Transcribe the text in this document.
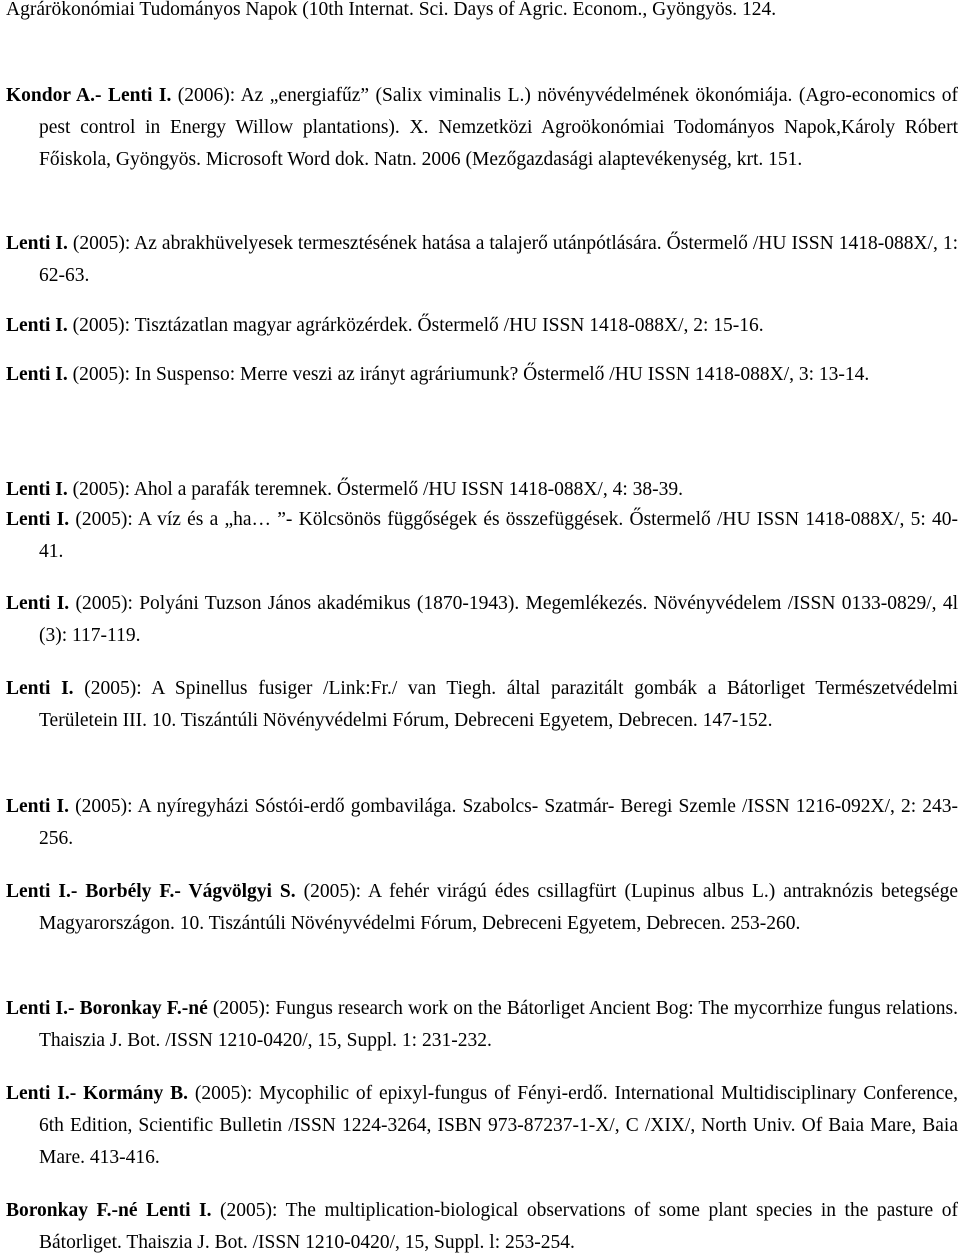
Agrárökonómiai Tudományos Napok (10th Internat. Sci. Days of Agric. Econom., Gyöngyös. 124.

Kondor A.- Lenti I. (2006): Az „energiafűz” (Salix viminalis L.) növényvédelmének ökonómiája. (Agro-economics of pest control in Energy Willow plantations). X. Nemzetközi Agroökonómiai Todományos Napok,Károly Róbert Főiskola, Gyöngyös. Microsoft Word dok. Natn. 2006 (Mezőgazdasági alaptevékenység, krt. 151.

Lenti I. (2005): Az abrakhüvelyesek termesztésének hatása a talajerő utánpótlására. Őstermelő /HU ISSN 1418-088X/, 1: 62-63.

Lenti I. (2005): Tisztázatlan magyar agrárközérdek. Őstermelő /HU ISSN 1418-088X/, 2: 15-16.

Lenti I. (2005): In Suspenso: Merre veszi az irányt agráriumunk? Őstermelő /HU ISSN 1418-088X/, 3: 13-14.

Lenti I. (2005): Ahol a parafák teremnek. Őstermelő /HU ISSN 1418-088X/, 4: 38-39.

Lenti I. (2005): A víz és a „ha… ”- Kölcsönös függőségek és összefüggések. Őstermelő /HU ISSN 1418-088X/, 5: 40-41.

Lenti I. (2005): Polyáni Tuzson János akadémikus (1870-1943). Megemlékezés. Növényvédelem /ISSN 0133-0829/, 4l (3): 117-119.

Lenti I. (2005): A Spinellus fusiger /Link:Fr./ van Tiegh. által parazitált gombák a Bátorliget Természetvédelmi Területein III. 10. Tiszántúli Növényvédelmi Fórum, Debreceni Egyetem, Debrecen. 147-152.

Lenti I. (2005): A nyíregyházi Sóstói-erdő gombavilága. Szabolcs- Szatmár- Beregi Szemle /ISSN 1216-092X/, 2: 243-256.

Lenti I.- Borbély F.- Vágvölgyi S. (2005): A fehér virágú édes csillagfürt (Lupinus albus L.) antraknózis betegsége Magyarországon. 10. Tiszántúli Növényvédelmi Fórum, Debreceni Egyetem, Debrecen. 253-260.

Lenti I.- Boronkay F.-né (2005): Fungus research work on the Bátorliget Ancient Bog: The mycorrhize fungus relations. Thaiszia J. Bot. /ISSN 1210-0420/, 15, Suppl. 1: 231-232.

Lenti I.- Kormány B. (2005): Mycophilic of epixyl-fungus of Fényi-erdő. International Multidisciplinary Conference, 6th Edition, Scientific Bulletin /ISSN 1224-3264, ISBN 973-87237-1-X/, C /XIX/, North Univ. Of Baia Mare, Baia Mare. 413-416.

Boronkay F.-né Lenti I. (2005): The multiplication-biological observations of some plant species in the pasture of Bátorliget. Thaiszia J. Bot. /ISSN 1210-0420/, 15, Suppl. l: 253-254.
